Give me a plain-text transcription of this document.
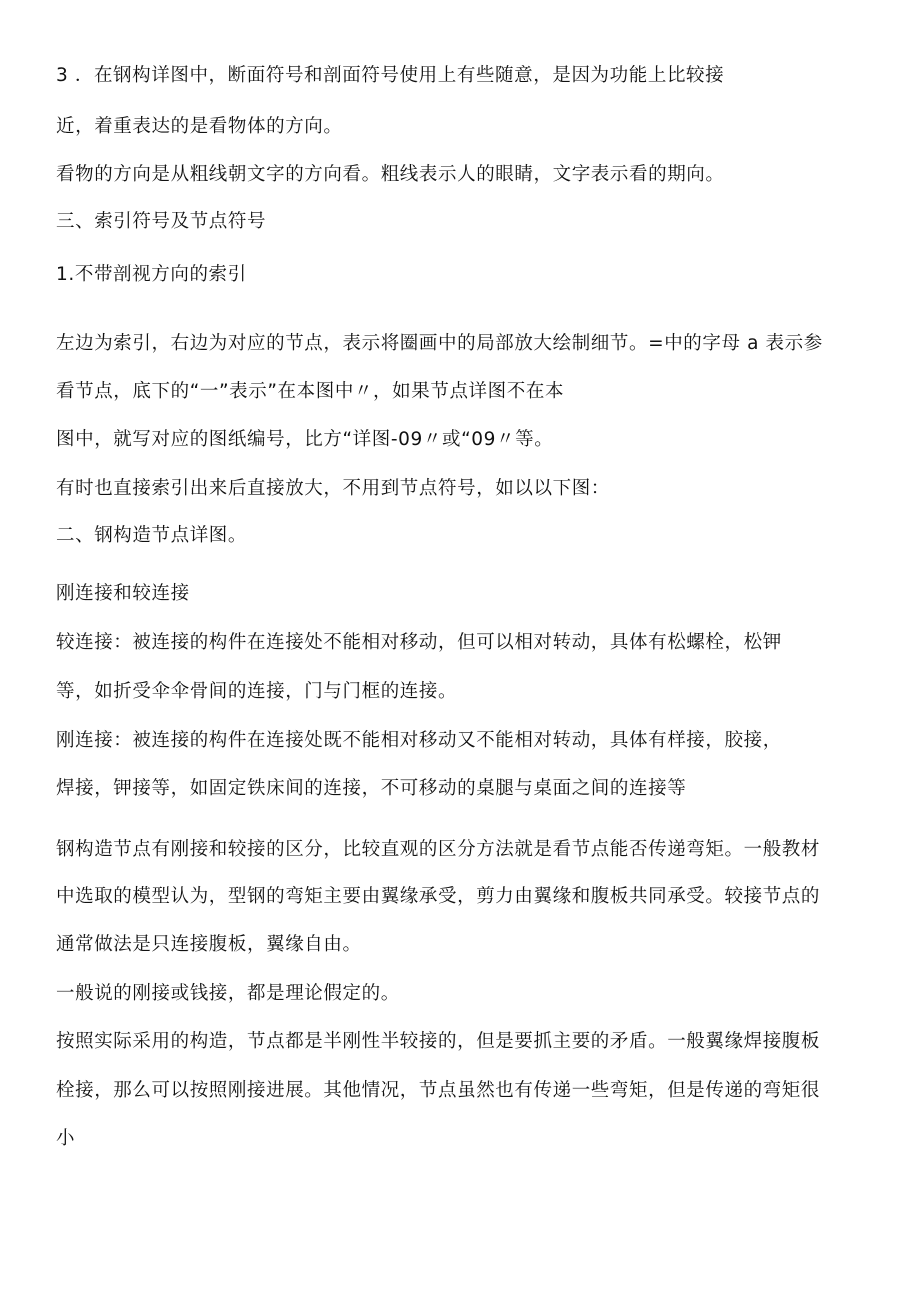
3 ．在钢构详图中，断面符号和剖面符号使用上有些随意，是因为功能上比较接
近，着重表达的是看物体的方向。
看物的方向是从粗线朝文字的方向看。粗线表示人的眼睛，文字表示看的期向。
三、索引符号及节点符号
1.不带剖视方向的索引
左边为索引，右边为对应的节点，表示将圈画中的局部放大绘制细节。=中的字母 a 表示参
看节点，底下的“一”表示”在本图中〃，如果节点详图不在本
图中，就写对应的图纸编号，比方“详图-09〃或“09〃等。
有时也直接索引出来后直接放大，不用到节点符号，如以以下图：
二、钢构造节点详图。
刚连接和较连接
较连接：被连接的构件在连接处不能相对移动，但可以相对转动，具体有松螺栓，松钾
等，如折受伞伞骨间的连接，门与门框的连接。
刚连接：被连接的构件在连接处既不能相对移动又不能相对转动，具体有样接，胶接，
焊接，钾接等，如固定铁床间的连接，不可移动的桌腿与桌面之间的连接等
钢构造节点有刚接和较接的区分，比较直观的区分方法就是看节点能否传递弯矩。一般教材
中选取的模型认为，型钢的弯矩主要由翼缘承受，剪力由翼缘和腹板共同承受。较接节点的
通常做法是只连接腹板，翼缘自由。
一般说的刚接或钱接，都是理论假定的。
按照实际采用的构造，节点都是半刚性半较接的，但是要抓主要的矛盾。一般翼缘焊接腹板
栓接，那么可以按照刚接进展。其他情况，节点虽然也有传递一些弯矩，但是传递的弯矩很
小
